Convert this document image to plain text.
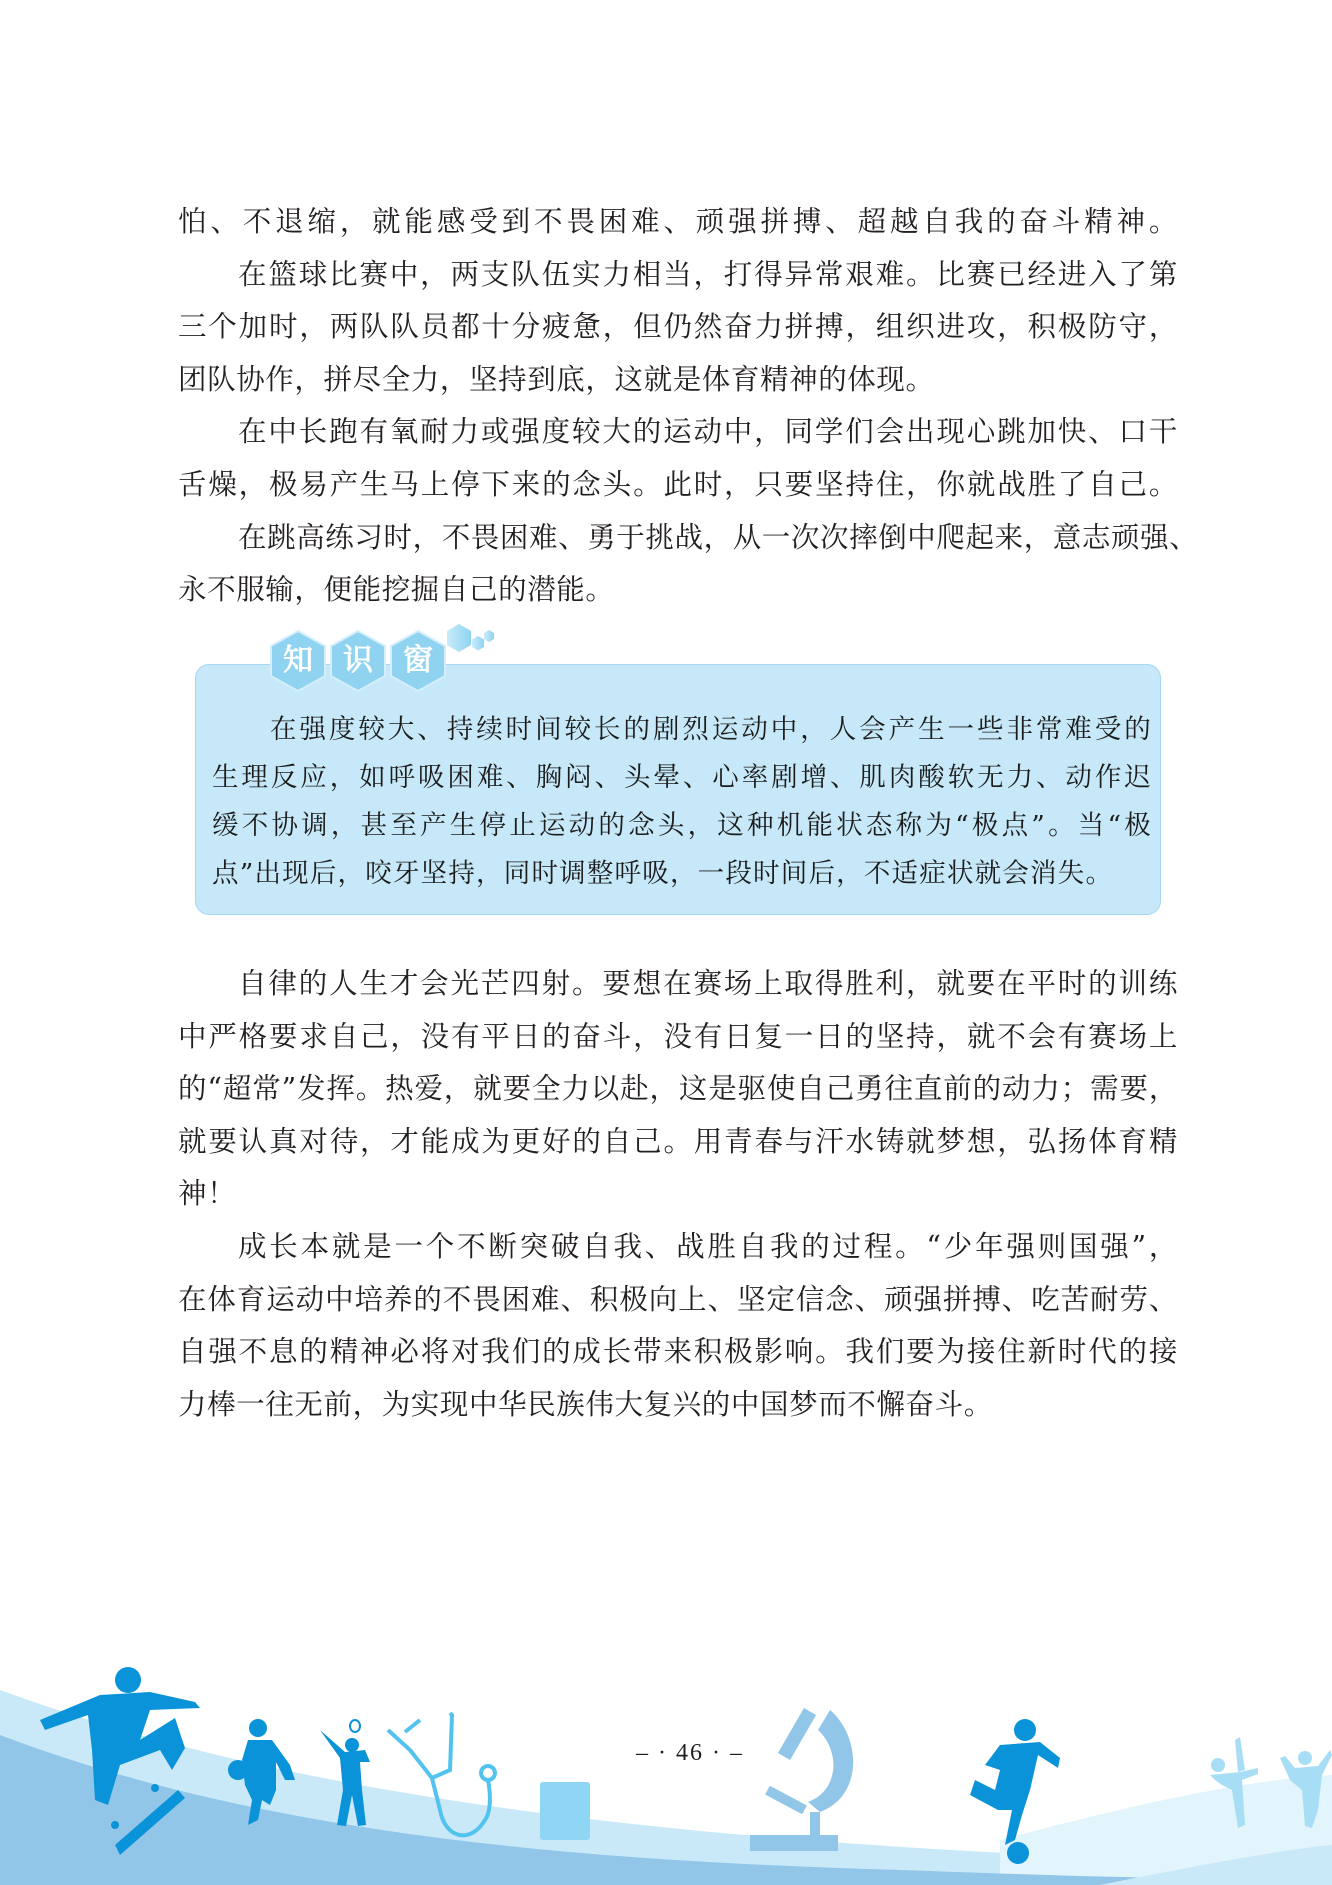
怕、不退缩，就能感受到不畏困难、顽强拼搏、超越自我的奋斗精神。
在篮球比赛中，两支队伍实力相当，打得异常艰难。比赛已经进入了第
三个加时，两队队员都十分疲惫，但仍然奋力拼搏，组织进攻，积极防守，
团队协作，拼尽全力，坚持到底，这就是体育精神的体现。
在中长跑有氧耐力或强度较大的运动中，同学们会出现心跳加快、口干
舌燥，极易产生马上停下来的念头。此时，只要坚持住，你就战胜了自己。
在跳高练习时，不畏困难、勇于挑战，从一次次摔倒中爬起来，意志顽强、
永不服输，便能挖掘自己的潜能。
知	识	窗
在强度较大、持续时间较长的剧烈运动中，人会产生一些非常难受的
生理反应，如呼吸困难、胸闷、头晕、心率剧增、肌肉酸软无力、动作迟
缓不协调，甚至产生停止运动的念头，这种机能状态称为“极点”。当“极
点”出现后，咬牙坚持，同时调整呼吸，一段时间后，不适症状就会消失。
自律的人生才会光芒四射。要想在赛场上取得胜利，就要在平时的训练
中严格要求自己，没有平日的奋斗，没有日复一日的坚持，就不会有赛场上
的“超常”发挥。热爱，就要全力以赴，这是驱使自己勇往直前的动力；需要，
就要认真对待，才能成为更好的自己。用青春与汗水铸就梦想，弘扬体育精
神！
成长本就是一个不断突破自我、战胜自我的过程。“少年强则国强”，
在体育运动中培养的不畏困难、积极向上、坚定信念、顽强拼搏、吃苦耐劳、
自强不息的精神必将对我们的成长带来积极影响。我们要为接住新时代的接
力棒一往无前，为实现中华民族伟大复兴的中国梦而不懈奋斗。
– · 46 · –
